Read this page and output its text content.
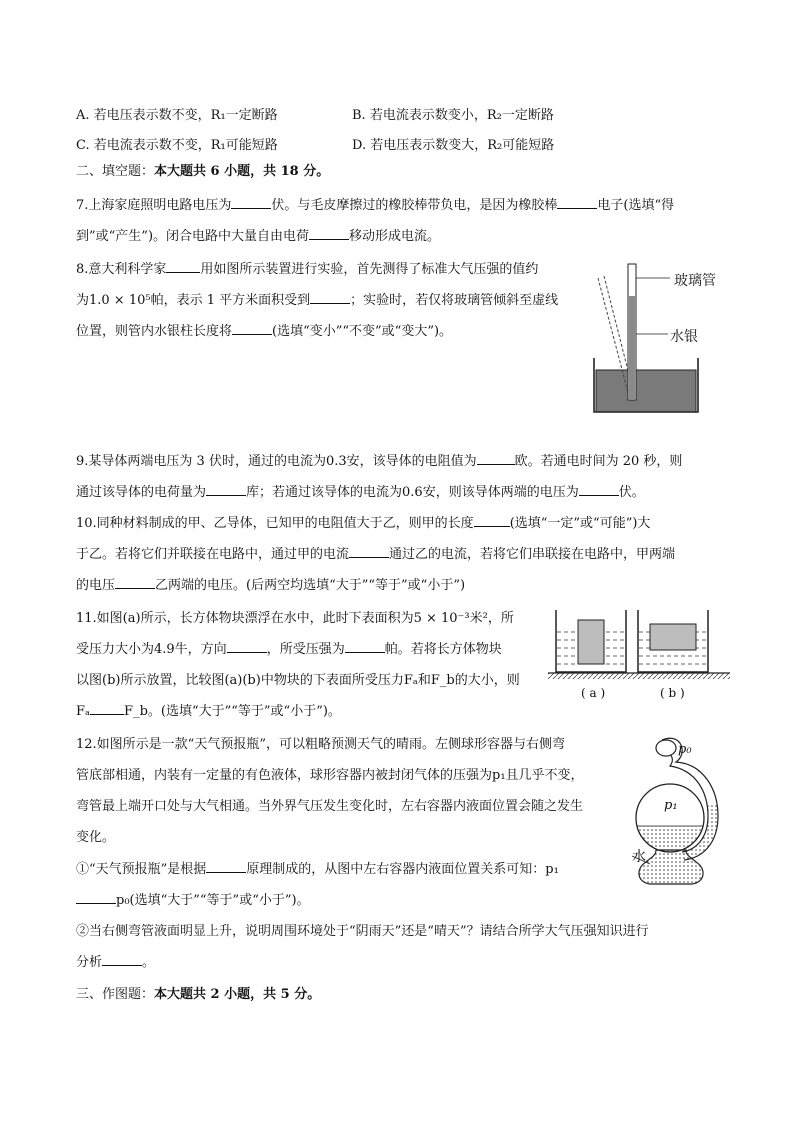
A. 若电压表示数不变，R₁一定断路	B. 若电流表示数变小，R₂一定断路
C. 若电流表示数不变，R₁可能短路	D. 若电压表示数变大，R₂可能短路
二、填空题：本大题共 6 小题，共 18 分。
7.上海家庭照明电路电压为	伏。与毛皮摩擦过的橡胶棒带负电，是因为橡胶棒	电子(选填“得
到”或“产生”)。闭合电路中大量自由电荷	移动形成电流。
8.意大利科学家	用如图所示装置进行实验，首先测得了标准大气压强的值约
为1.0 × 10⁵帕，表示 1 平方米面积受到	；实验时，若仅将玻璃管倾斜至虚线
位置，则管内水银柱长度将	(选填“变小”“不变”或“变大”)。
玻璃管
水银
9.某导体两端电压为 3 伏时，通过的电流为0.3安，该导体的电阻值为	欧。若通电时间为 20 秒，则
通过该导体的电荷量为	库；若通过该导体的电流为0.6安，则该导体两端的电压为	伏。
10.同种材料制成的甲、乙导体，已知甲的电阻值大于乙，则甲的长度	(选填“一定”或“可能”)大
于乙。若将它们并联接在电路中，通过甲的电流	通过乙的电流，若将它们串联接在电路中，甲两端
的电压	乙两端的电压。(后两空均选填“大于”“等于”或“小于”)
11.如图(a)所示，长方体物块漂浮在水中，此时下表面积为5 × 10⁻³米²，所
受压力大小为4.9牛，方向	，所受压强为	帕。若将长方体物块
以图(b)所示放置，比较图(a)(b)中物块的下表面所受压力Fₐ和F_b的大小，则
Fₐ	F_b。(选填“大于”“等于”或“小于”)。
( a )	( b )
12.如图所示是一款“天气预报瓶”，可以粗略预测天气的晴雨。左侧球形容器与右侧弯
管底部相通，内装有一定量的有色液体，球形容器内被封闭气体的压强为p₁且几乎不变，
弯管最上端开口处与大气相通。当外界气压发生变化时，左右容器内液面位置会随之发生
变化。
①“天气预报瓶”是根据	原理制成的，从图中左右容器内液面位置关系可知：p₁
p₀(选填“大于”“等于”或“小于”)。
②当右侧弯管液面明显上升，说明周围环境处于“阴雨天”还是“晴天”？请结合所学大气压强知识进行
分析	。
p₀
p₁
水
三、作图题：本大题共 2 小题，共 5 分。
